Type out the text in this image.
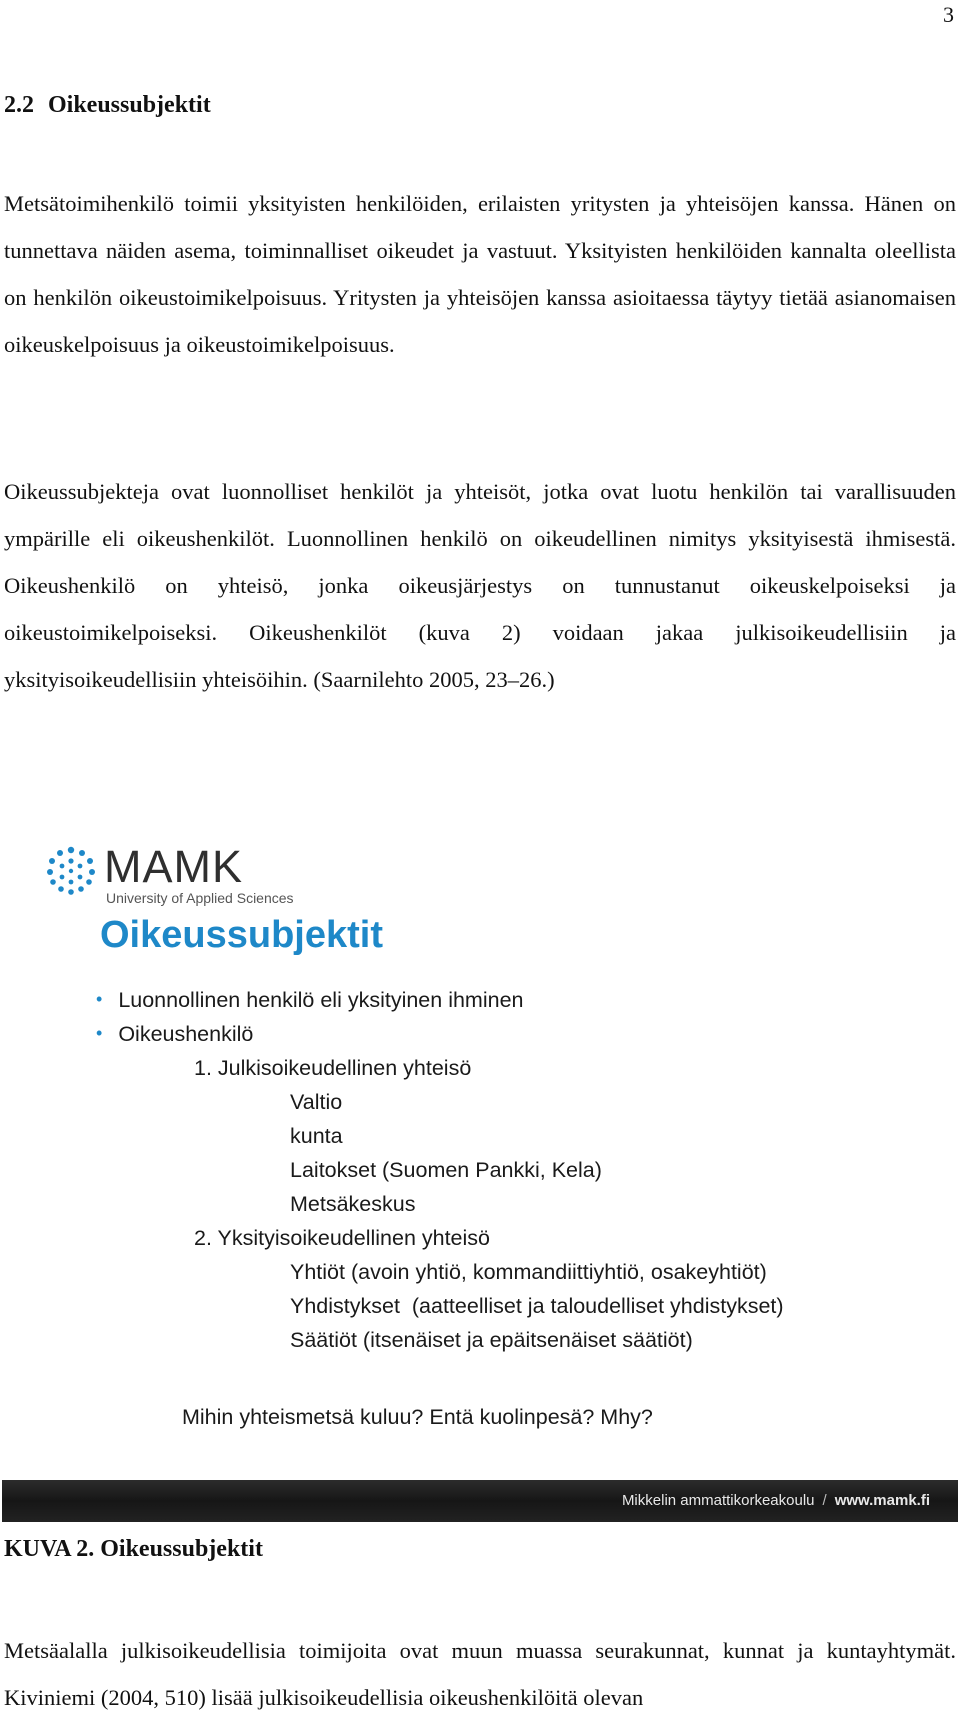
3
2.2 Oikeussubjektit

Metsätoimihenkilö toimii yksityisten henkilöiden, erilaisten yritysten ja yhteisöjen kanssa. Hänen on tunnettava näiden asema, toiminnalliset oikeudet ja vastuut. Yksityisten henkilöiden kannalta oleellista on henkilön oikeustoimikelpoisuus. Yritysten ja yhteisöjen kanssa asioitaessa täytyy tietää asianomaisen oikeuskelpoisuus ja oikeustoimikelpoisuus.

Oikeussubjekteja ovat luonnolliset henkilöt ja yhteisöt, jotka ovat luotu henkilön tai varallisuuden ympärille eli oikeushenkilöt. Luonnollinen henkilö on oikeudellinen nimitys yksityisestä ihmisestä. Oikeushenkilö on yhteisö, jonka oikeusjärjestys on tunnustanut oikeuskelpoiseksi ja oikeustoimikelpoiseksi. Oikeushenkilöt (kuva 2) voidaan jakaa julkisoikeudellisiin ja yksityisoikeudellisiin yhteisöihin. (Saarnilehto 2005, 23–26.)

MAMK
University of Applied Sciences
Oikeussubjektit
• Luonnollinen henkilö eli yksityinen ihminen
• Oikeushenkilö
1. Julkisoikeudellinen yhteisö
Valtio
kunta
Laitokset (Suomen Pankki, Kela)
Metsäkeskus
2. Yksityisoikeudellinen yhteisö
Yhtiöt (avoin yhtiö, kommandiittiyhtiö, osakeyhtiöt)
Yhdistykset  (aatteelliset ja taloudelliset yhdistykset)
Säätiöt (itsenäiset ja epäitsenäiset säätiöt)
Mihin yhteismetsä kuluu? Entä kuolinpesä? Mhy?
Mikkelin ammattikorkeakoulu / www.mamk.fi

KUVA 2. Oikeussubjektit

Metsäalalla julkisoikeudellisia toimijoita ovat muun muassa seurakunnat, kunnat ja kuntayhtymät. Kiviniemi (2004, 510) lisää julkisoikeudellisia oikeushenkilöitä olevan
